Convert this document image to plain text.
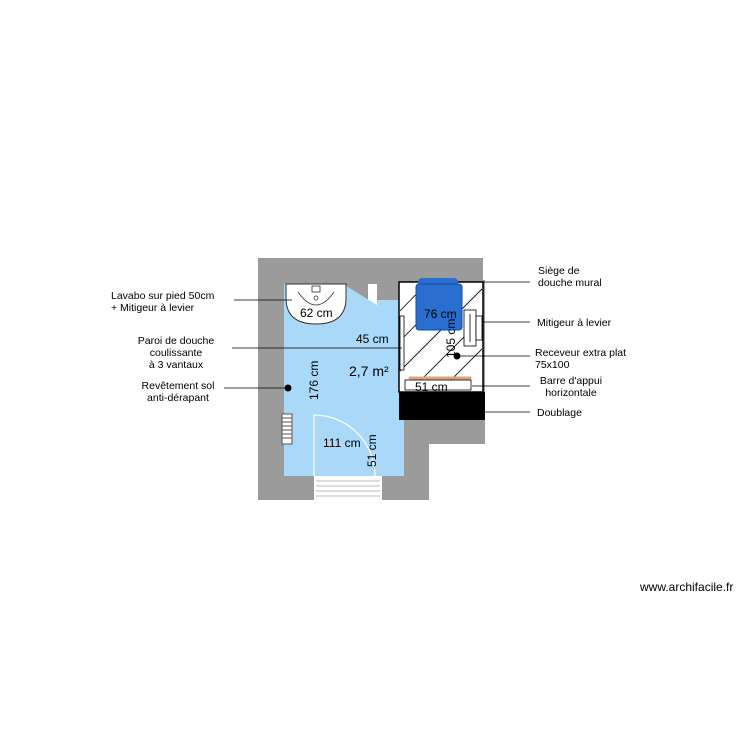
62 cm
45 cm
176 cm
111 cm 51 cm
76 cm
105 cm
51 cm
2,7 m²
Lavabo sur pied 50cm
+ Mitigeur à levier
Paroi de douche
coulissante
à 3 vantaux
Revêtement sol
anti-dérapant
Siège de
douche mural
Mitigeur à levier
Receveur extra plat
75x100
Barre d'appui
horizontale
Doublage
www.archifacile.fr
